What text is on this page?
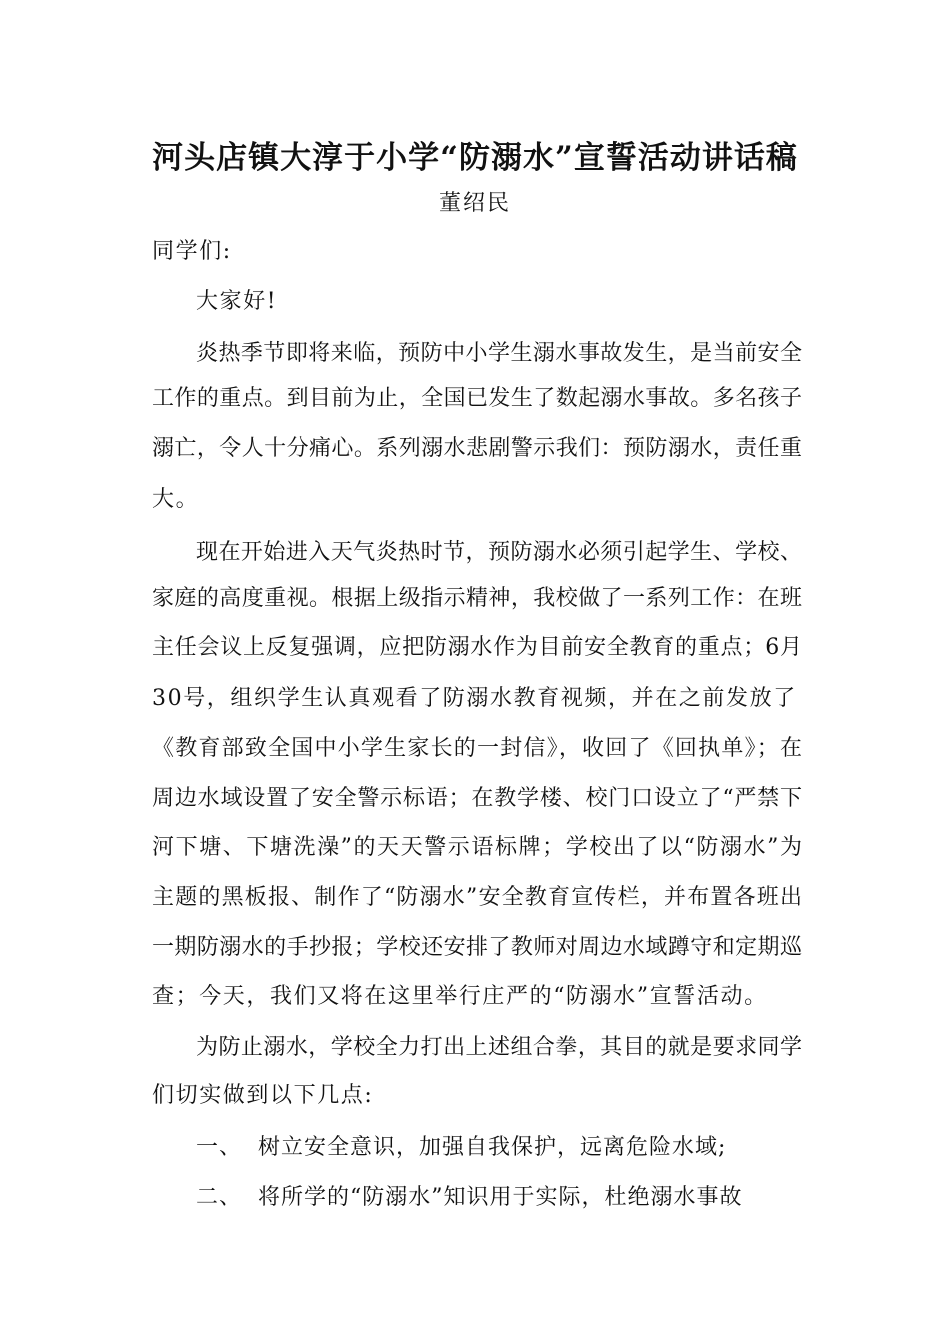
河头店镇大淳于小学“防溺水”宣誓活动讲话稿

董绍民

同学们:

大家好!

炎热季节即将来临，预防中小学生溺水事故发生，是当前安全

工作的重点。到目前为止，全国已发生了数起溺水事故。多名孩子

溺亡，令人十分痛心。系列溺水悲剧警示我们：预防溺水，责任重

大。

现在开始进入天气炎热时节，预防溺水必须引起学生、学校、

家庭的高度重视。根据上级指示精神，我校做了一系列工作：在班

主任会议上反复强调，应把防溺水作为目前安全教育的重点；6月

30号，组织学生认真观看了防溺水教育视频，并在之前发放了

《教育部致全国中小学生家长的一封信》，收回了《回执单》；在

周边水域设置了安全警示标语；在教学楼、校门口设立了“严禁下

河下塘、下塘洗澡”的天天警示语标牌；学校出了以“防溺水”为

主题的黑板报、制作了“防溺水”安全教育宣传栏，并布置各班出

一期防溺水的手抄报；学校还安排了教师对周边水域蹲守和定期巡

查；今天，我们又将在这里举行庄严的“防溺水”宣誓活动。

为防止溺水，学校全力打出上述组合拳，其目的就是要求同学

们切实做到以下几点:

一、 树立安全意识，加强自我保护，远离危险水域;

二、 将所学的“防溺水”知识用于实际，杜绝溺水事故
